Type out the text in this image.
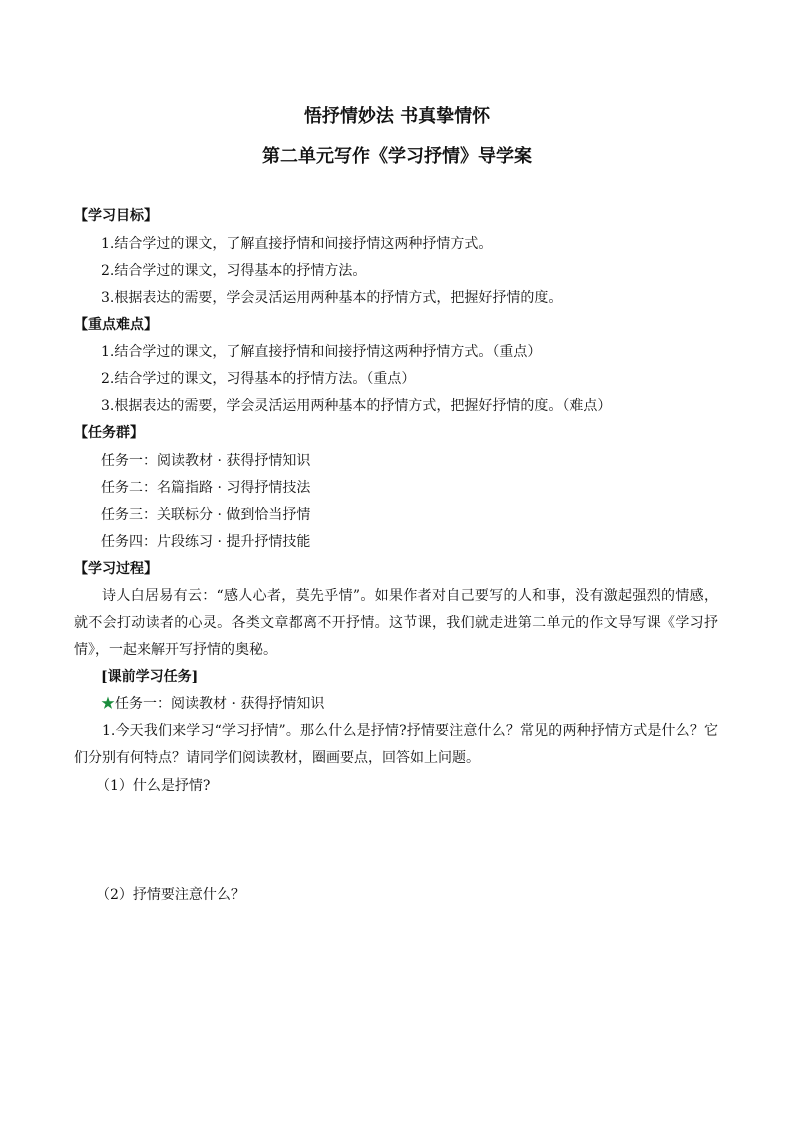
悟抒情妙法 书真挚情怀
第二单元写作《学习抒情》导学案
【学习目标】
1.结合学过的课文，了解直接抒情和间接抒情这两种抒情方式。
2.结合学过的课文，习得基本的抒情方法。
3.根据表达的需要，学会灵活运用两种基本的抒情方式，把握好抒情的度。
【重点难点】
1.结合学过的课文，了解直接抒情和间接抒情这两种抒情方式。（重点）
2.结合学过的课文，习得基本的抒情方法。（重点）
3.根据表达的需要，学会灵活运用两种基本的抒情方式，把握好抒情的度。（难点）
【任务群】
任务一：阅读教材 · 获得抒情知识
任务二：名篇指路 · 习得抒情技法
任务三：关联标分 · 做到恰当抒情
任务四：片段练习 · 提升抒情技能
【学习过程】
诗人白居易有云：“感人心者，莫先乎情”。如果作者对自己要写的人和事，没有激起强烈的情感，就不会打动读者的心灵。各类文章都离不开抒情。这节课，我们就走进第二单元的作文导写课《学习抒情》，一起来解开写抒情的奥秘。
[课前学习任务]
★任务一：阅读教材 · 获得抒情知识
1.今天我们来学习“学习抒情”。那么什么是抒情?抒情要注意什么？常见的两种抒情方式是什么？它们分别有何特点？请同学们阅读教材，圈画要点，回答如上问题。
（1）什么是抒情?
（2）抒情要注意什么？
